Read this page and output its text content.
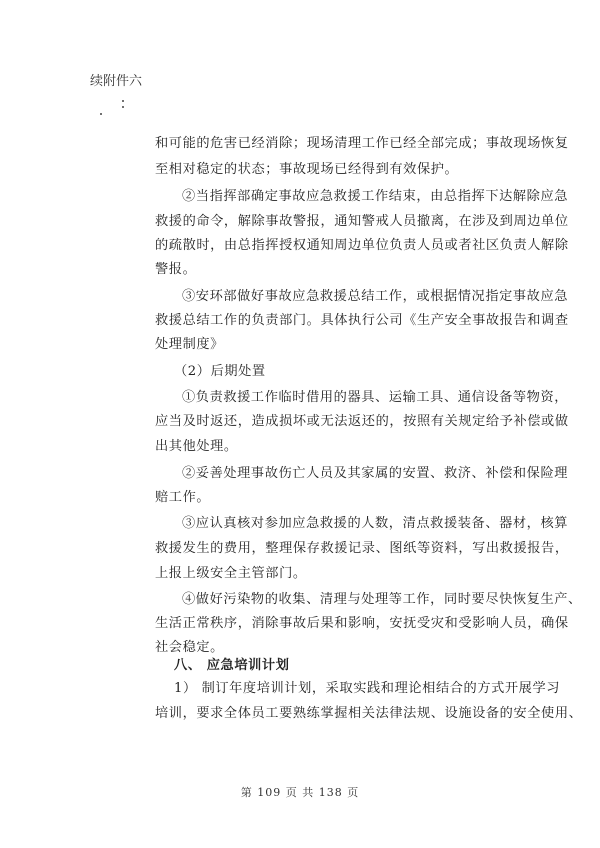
续附件六
和可能的危害已经消除；现场清理工作已经全部完成；事故现场恢复
至相对稳定的状态；事故现场已经得到有效保护。
②当指挥部确定事故应急救援工作结束，由总指挥下达解除应急
救援的命令，解除事故警报，通知警戒人员撤离，在涉及到周边单位
的疏散时，由总指挥授权通知周边单位负责人员或者社区负责人解除
警报。
③安环部做好事故应急救援总结工作，或根据情况指定事故应急
救援总结工作的负责部门。具体执行公司《生产安全事故报告和调查
处理制度》
（2）后期处置
①负责救援工作临时借用的器具、运输工具、通信设备等物资，
应当及时返还，造成损坏或无法返还的，按照有关规定给予补偿或做
出其他处理。
②妥善处理事故伤亡人员及其家属的安置、救济、补偿和保险理
赔工作。
③应认真核对参加应急救援的人数，清点救援装备、器材，核算
救援发生的费用，整理保存救援记录、图纸等资料，写出救援报告，
上报上级安全主管部门。
④做好污染物的收集、清理与处理等工作，同时要尽快恢复生产、
生活正常秩序，消除事故后果和影响，安抚受灾和受影响人员，确保
社会稳定。
八、 应急培训计划
1） 制订年度培训计划，采取实践和理论相结合的方式开展学习
培训，要求全体员工要熟练掌握相关法律法规、设施设备的安全使用、
第 109 页 共 138 页
